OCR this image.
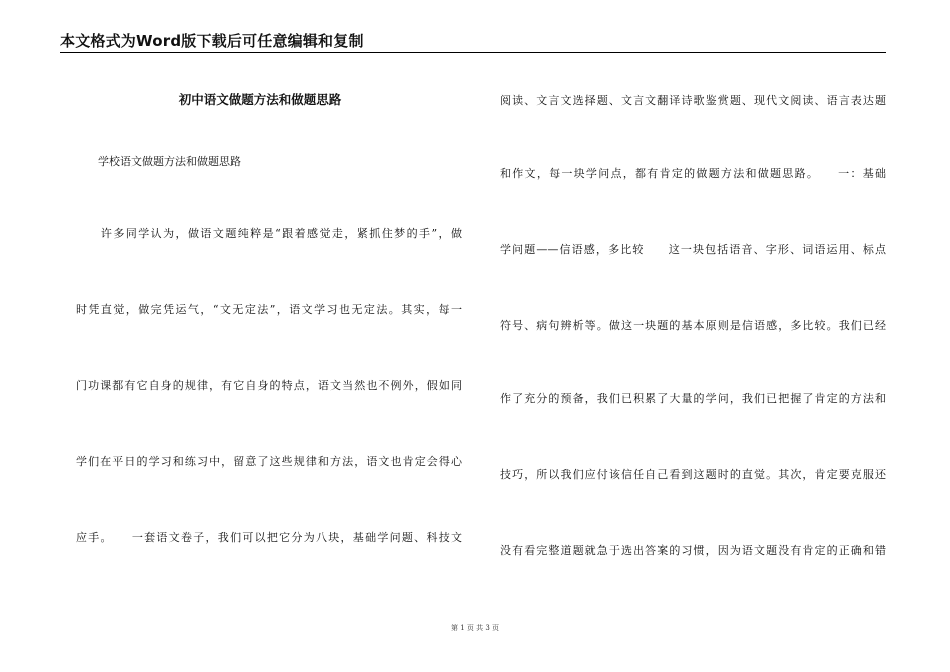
本文格式为Word版下载后可任意编辑和复制
初中语文做题方法和做题思路
　　学校语文做题方法和做题思路
　　许多同学认为，做语文题纯粹是“跟着感觉走，紧抓住梦的手”，做
时凭直觉，做完凭运气，“文无定法”，语文学习也无定法。其实，每一
门功课都有它自身的规律，有它自身的特点，语文当然也不例外，假如同
学们在平日的学习和练习中，留意了这些规律和方法，语文也肯定会得心
应手。　　一套语文卷子，我们可以把它分为八块，基础学问题、科技文
阅读、文言文选择题、文言文翻译诗歌鉴赏题、现代文阅读、语言表达题
和作文，每一块学问点，都有肯定的做题方法和做题思路。　　一：基础
学问题——信语感，多比较　　这一块包括语音、字形、词语运用、标点
符号、病句辨析等。做这一块题的基本原则是信语感，多比较。我们已经
作了充分的预备，我们已积累了大量的学问，我们已把握了肯定的方法和
技巧，所以我们应付该信任自己看到这题时的直觉。其次，肯定要克服还
没有看完整道题就急于选出答案的习惯，因为语文题没有肯定的正确和错
第 1 页 共 3 页
